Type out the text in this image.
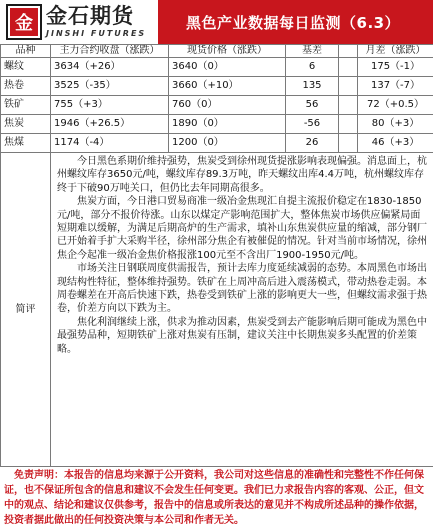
金 金石期货
JINSHI FUTURES
黑色产业数据每日监测（6.3）
品种	主力合约收盘（涨跌）	现货价格（涨跌）	基差		月差（涨跌）
螺纹	3634（+26）	3640（0）	6		175（-1）
热卷	3525（-35）	3660（+10）	135		137（-7）
铁矿	755（+3）	760（0）	56		72（+0.5）
焦炭	1946（+26.5）	1890（0）	-56		80（+3）
焦煤	1174（-4）	1200（0）	26		46（+3）
简评	今日黑色系期价维持强势，焦炭受到徐州现货提涨影响表现偏强。消息面上，杭州螺纹库存3650元/吨，螺纹库存89.3万吨，昨天螺纹出库4.4万吨，杭州螺纹库存终于下破90万吨关口，但仍比去年同期高很多。

焦炭方面，今日港口贸易商准一级冶金焦现汇自提主流报价稳定在1830-1850元/吨，部分不报价待涨。山东以煤定产影响范围扩大，整体焦炭市场供应偏紧局面短期难以缓解，为满足后期高炉的生产需求，填补山东焦炭供应量的缩减，部分钢厂已开始着手扩大采购半径，徐州部分焦企有被催促的情况。针对当前市场情况，徐州焦企今起准一级冶金焦价格报涨100元至不含出厂1900-1950元/吨。

市场关注日钢联周度供需报告，预计去库力度延续减弱的态势。本周黑色市场出现结构性特征，整体维持强势。铁矿在上周冲高后进入震荡模式，带动热卷走弱。本周卷螺差在开高后快速下跌，热卷受到铁矿上涨的影响更大一些，但螺纹需求强于热卷，价差方向以下跌为主。

焦化利润继续上涨，供求为推动因素，焦炭受到去产能影响后期可能成为黑色中最强势品种，短期铁矿上涨对焦炭有压制，建议关注中长期焦炭多头配置的价差策略。				

免责声明：本报告的信息均来源于公开资料，我公司对这些信息的准确性和完整性不作任何保证，也不保证所包含的信息和建议不会发生任何变更。我们已力求报告内容的客观、公正，但文中的观点、结论和建议仅供参考，报告中的信息或所表达的意见并不构成所述品种的操作依据，投资者据此做出的任何投资决策与本公司和作者无关。
